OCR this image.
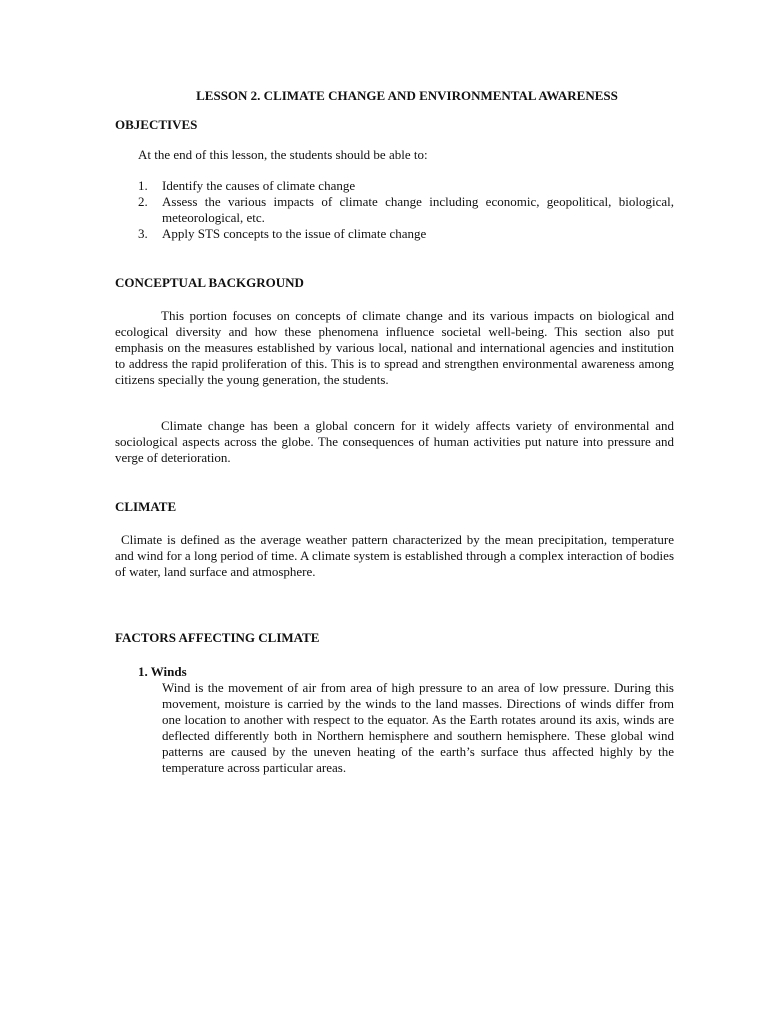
LESSON 2. CLIMATE CHANGE AND ENVIRONMENTAL AWARENESS
OBJECTIVES
At the end of this lesson, the students should be able to:
1.	Identify the causes of climate change
2.	Assess the various impacts of climate change including economic, geopolitical, biological, meteorological, etc.
3.	Apply STS concepts to the issue of climate change
CONCEPTUAL BACKGROUND

This portion focuses on concepts of climate change and its various impacts on biological and ecological diversity and how these phenomena influence societal well-being. This section also put emphasis on the measures established by various local, national and international agencies and institution to address the rapid proliferation of this. This is to spread and strengthen environmental awareness among citizens specially the young generation, the students.

Climate change has been a global concern for it widely affects variety of environmental and sociological aspects across the globe. The consequences of human activities put nature into pressure and verge of deterioration.

CLIMATE

Climate is defined as the average weather pattern characterized by the mean precipitation, temperature and wind for a long period of time. A climate system is established through a complex interaction of bodies of water, land surface and atmosphere.

FACTORS AFFECTING CLIMATE
1. Winds

Wind is the movement of air from area of high pressure to an area of low pressure. During this movement, moisture is carried by the winds to the land masses. Directions of winds differ from one location to another with respect to the equator. As the Earth rotates around its axis, winds are deflected differently both in Northern hemisphere and southern hemisphere. These global wind patterns are caused by the uneven heating of the earth’s surface thus affected highly by the temperature across particular areas.
